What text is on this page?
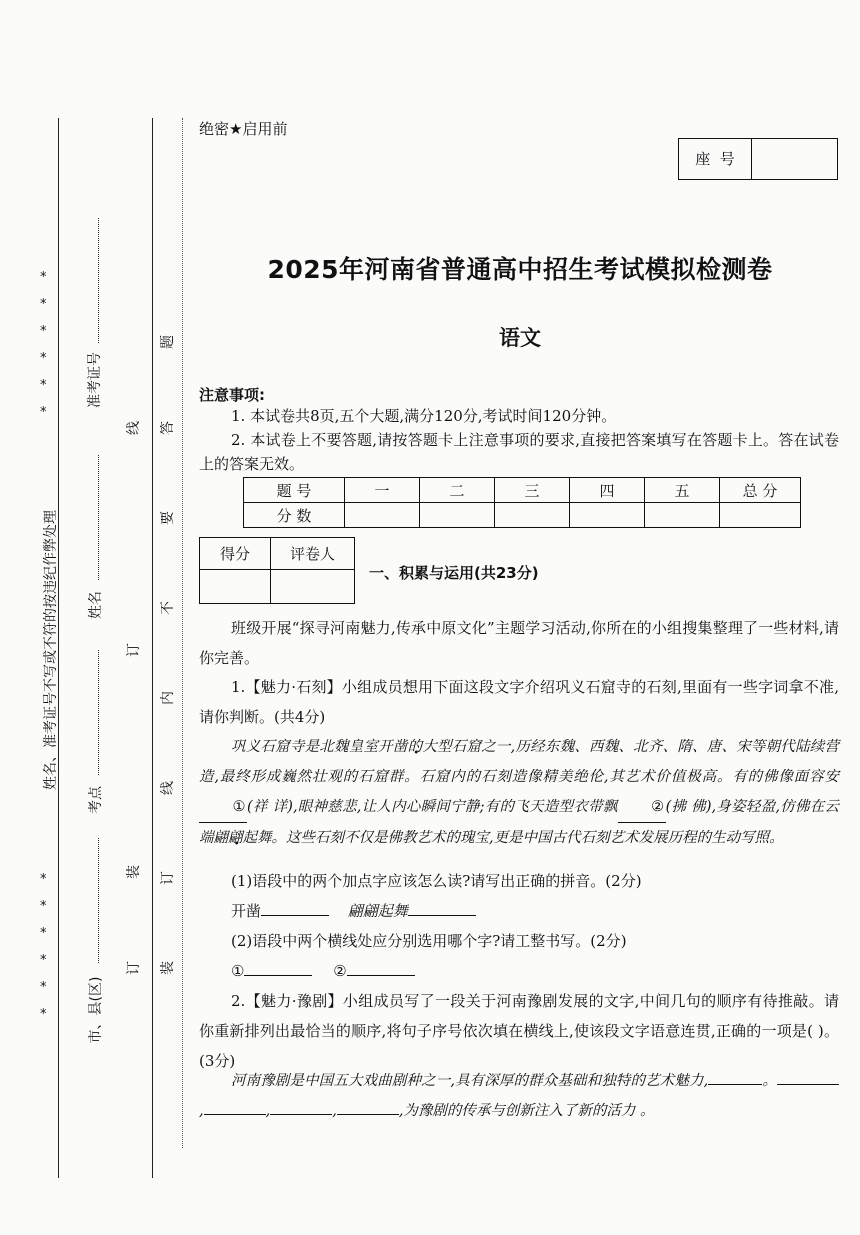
*
*
*
*
*
*
*
*
*
*
*
*
姓名、准考证号不写或不符的按违纪作弊处理
准考证号
姓名
考点
市、县(区)
题
答
要
不
内
线
订
装
线
订
装
订
绝密★启用前
座  号
2025年河南省普通高中招生考试模拟检测卷
语文
注意事项:
1. 本试卷共8页,五个大题,满分120分,考试时间120分钟。
2. 本试卷上不要答题,请按答题卡上注意事项的要求,直接把答案填写在答题卡上。答在试卷上的答案无效。
题 号	一	二	三	四	五	总 分
分 数						
得分	评卷人

一、积累与运用(共23分)
班级开展“探寻河南魅力,传承中原文化”主题学习活动,你所在的小组搜集整理了一些材料,请你完善。
1.【魅力·石刻】小组成员想用下面这段文字介绍巩义石窟寺的石刻,里面有一些字词拿不准,请你判断。(共4分)
巩义石窟寺是北魏皇室开凿的大型石窟之一,历经东魏、西魏、北齐、隋、唐、宋等朝代陆续营造,最终形成巍然壮观的石窟群。石窟内的石刻造像精美绝伦,其艺术价值极高。有的佛像面容安① (祥 详),眼神慈悲,让人内心瞬间宁静;有的飞天造型衣带飘 ② (拂 佛),身姿轻盈,仿佛在云端翩翩起舞。这些石刻不仅是佛教艺术的瑰宝,更是中国古代石刻艺术发展历程的生动写照。
(1)语段中的两个加点字应该怎么读?请写出正确的拼音。(2分)
开凿	翩翩起舞
(2)语段中两个横线处应分别选用哪个字?请工整书写。(2分)
①	②
2.【魅力·豫剧】小组成员写了一段关于河南豫剧发展的文字,中间几句的顺序有待推敲。请你重新排列出最恰当的顺序,将句子序号依次填在横线上,使该段文字语意连贯,正确的一项是( )。(3分)
河南豫剧是中国五大戏曲剧种之一,具有深厚的群众基础和独特的艺术魅力,	。,	,	,	,为豫剧的传承与创新注入了新的活力 。
